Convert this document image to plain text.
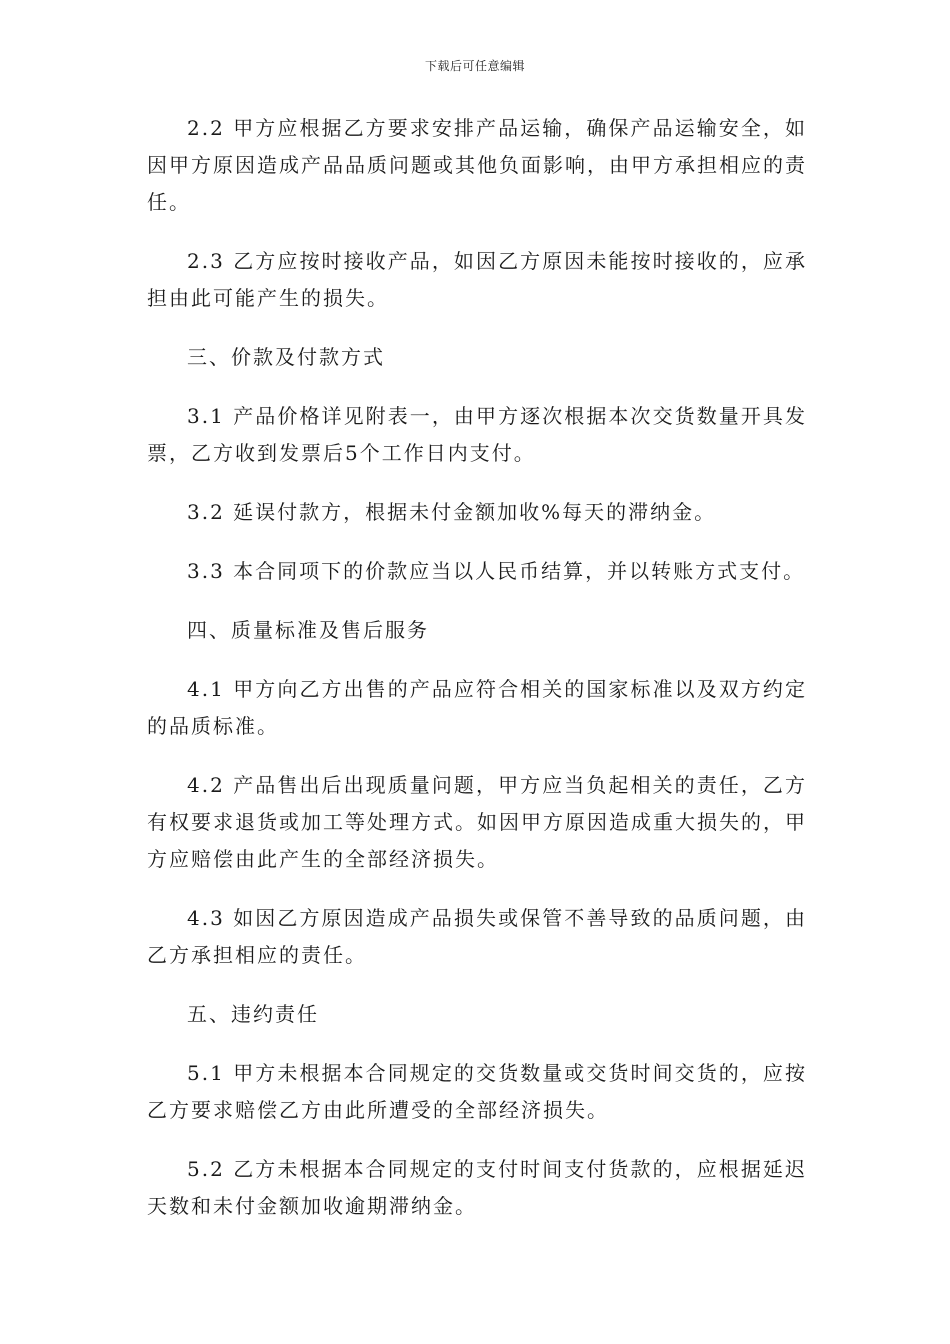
下载后可任意编辑

2.2 甲方应根据乙方要求安排产品运输，确保产品运输安全，如因甲方原因造成产品品质问题或其他负面影响，由甲方承担相应的责任。

2.3 乙方应按时接收产品，如因乙方原因未能按时接收的，应承担由此可能产生的损失。

三、价款及付款方式

3.1 产品价格详见附表一，由甲方逐次根据本次交货数量开具发票，乙方收到发票后5个工作日内支付。

3.2 延误付款方，根据未付金额加收%每天的滞纳金。

3.3 本合同项下的价款应当以人民币结算，并以转账方式支付。

四、质量标准及售后服务

4.1 甲方向乙方出售的产品应符合相关的国家标准以及双方约定的品质标准。

4.2 产品售出后出现质量问题，甲方应当负起相关的责任，乙方有权要求退货或加工等处理方式。如因甲方原因造成重大损失的，甲方应赔偿由此产生的全部经济损失。

4.3 如因乙方原因造成产品损失或保管不善导致的品质问题，由乙方承担相应的责任。

五、违约责任

5.1 甲方未根据本合同规定的交货数量或交货时间交货的，应按乙方要求赔偿乙方由此所遭受的全部经济损失。

5.2 乙方未根据本合同规定的支付时间支付货款的，应根据延迟天数和未付金额加收逾期滞纳金。
